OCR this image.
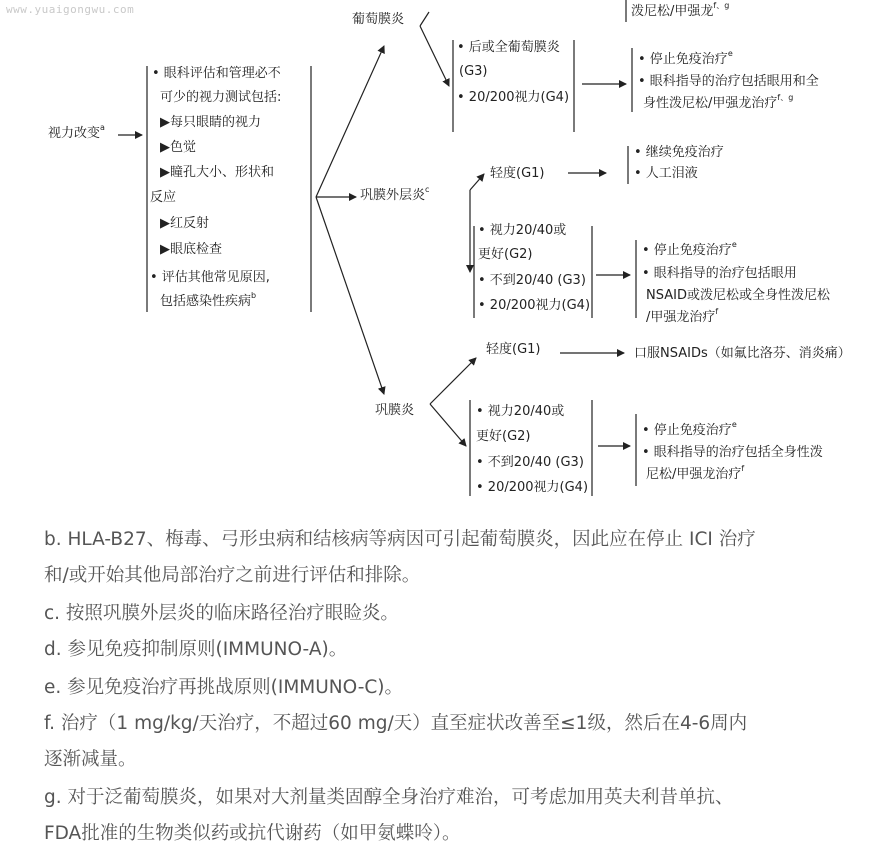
www.yuaigongwu.com
视力改变$^a$
• 眼科评估和管理必不
可少的视力测试包括:
▶每只眼睛的视力
▶色觉
▶瞳孔大小、形状和
反应
▶红反射
▶眼底检查
• 评估其他常见原因,
包括感染性疾病$^b$
葡萄膜炎
泼尼松/甲强龙$^{f、g}$
• 后或全葡萄膜炎
(G3)
• 20/200视力(G4)
• 停止免疫治疗$^e$
• 眼科指导的治疗包括眼用和全
身性泼尼松/甲强龙治疗$^{f、g}$
巩膜外层炎$^c$
轻度(G1)
• 继续免疫治疗
• 人工泪液
• 视力20/40或
更好(G2)
• 不到20/40 (G3)
• 20/200视力(G4)
• 停止免疫治疗$^e$
• 眼科指导的治疗包括眼用
NSAID或泼尼松或全身性泼尼松
/甲强龙治疗$^f$
巩膜炎
轻度(G1)	口服NSAIDs（如氟比洛芬、消炎痛）
• 视力20/40或
更好(G2)
• 不到20/40 (G3)
• 20/200视力(G4)
• 停止免疫治疗$^e$
• 眼科指导的治疗包括全身性泼
尼松/甲强龙治疗$^f$
b. HLA-B27、梅毒、弓形虫病和结核病等病因可引起葡萄膜炎，因此应在停止 ICI 治疗
和/或开始其他局部治疗之前进行评估和排除。
c. 按照巩膜外层炎的临床路径治疗眼睑炎。
d. 参见免疫抑制原则(IMMUNO-A)。
e. 参见免疫治疗再挑战原则(IMMUNO-C)。
f. 治疗（1 mg/kg/天治疗，不超过60 mg/天）直至症状改善至≤1级，然后在4-6周内
逐渐减量。
g. 对于泛葡萄膜炎，如果对大剂量类固醇全身治疗难治，可考虑加用英夫利昔单抗、
FDA批准的生物类似药或抗代谢药（如甲氨蝶呤）。
